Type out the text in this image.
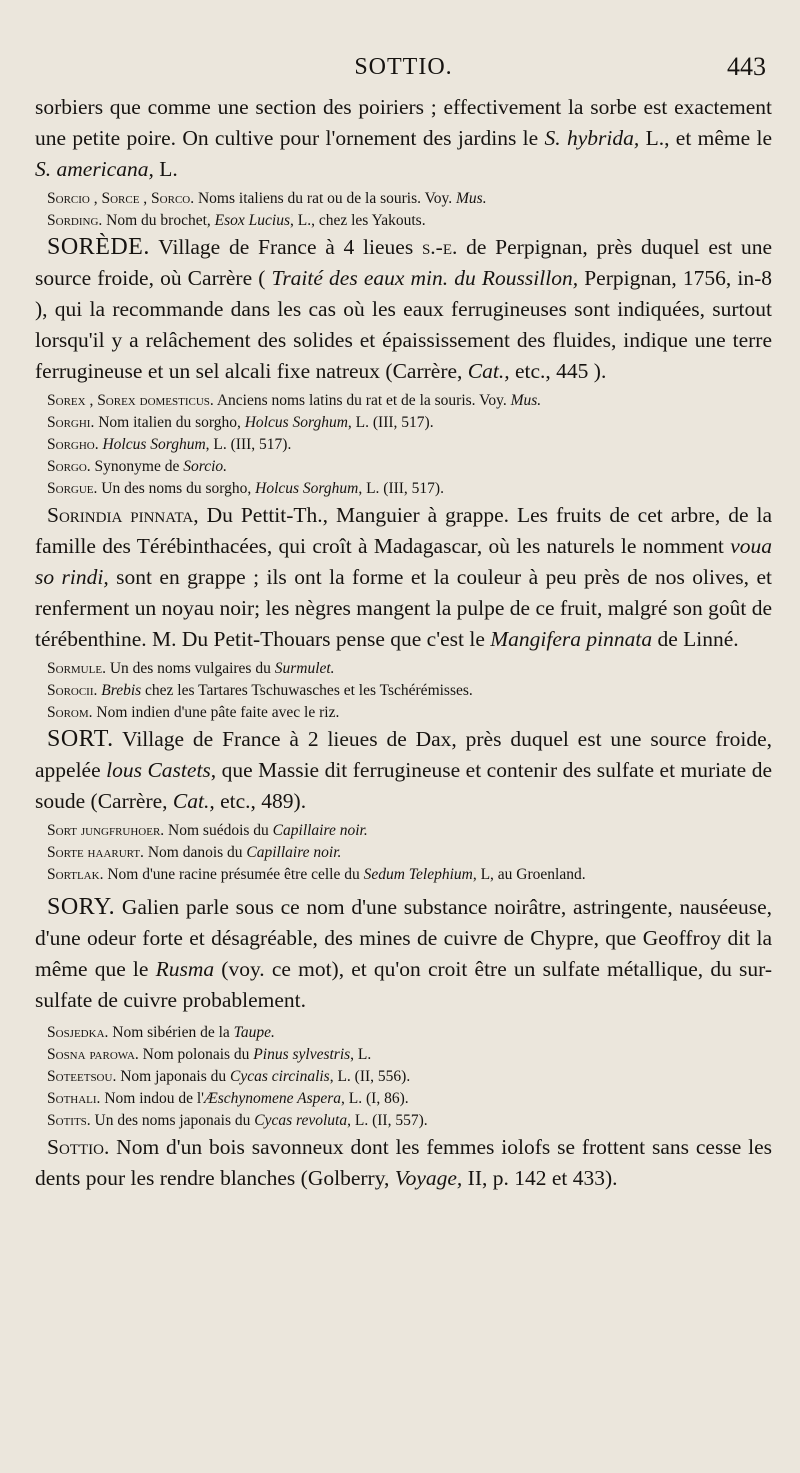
SOTTIO.	443

sorbiers que comme une section des poiriers ; effectivement la sorbe est exactement une petite poire. On cultive pour l'ornement des jardins le S. hybrida, L., et même le S. americana, L.

Sorcio , Sorce , Sorco. Noms italiens du rat ou de la souris. Voy. Mus.

Sording. Nom du brochet, Esox Lucius, L., chez les Yakouts.

SORÈDE. Village de France à 4 lieues s.-e. de Perpignan, près duquel est une source froide, où Carrère ( Traité des eaux min. du Roussillon, Perpignan, 1756, in-8 ), qui la recommande dans les cas où les eaux ferrugineuses sont indiquées, surtout lorsqu'il y a relâchement des solides et épaississement des fluides, indique une terre ferrugineuse et un sel alcali fixe natreux (Carrère, Cat., etc., 445 ).

Sorex , Sorex domesticus. Anciens noms latins du rat et de la souris. Voy. Mus.

Sorghi. Nom italien du sorgho, Holcus Sorghum, L. (III, 517).

Sorgho. Holcus Sorghum, L. (III, 517).

Sorgo. Synonyme de Sorcio.

Sorgue. Un des noms du sorgho, Holcus Sorghum, L. (III, 517).

Sorindia pinnata, Du Pettit-Th., Manguier à grappe. Les fruits de cet arbre, de la famille des Térébinthacées, qui croît à Madagascar, où les naturels le nomment voua so rindi, sont en grappe ; ils ont la forme et la couleur à peu près de nos olives, et renferment un noyau noir; les nègres mangent la pulpe de ce fruit, malgré son goût de térébenthine. M. Du Petit-Thouars pense que c'est le Mangifera pinnata de Linné.

Sormule. Un des noms vulgaires du Surmulet.

Sorocii. Brebis chez les Tartares Tschuwasches et les Tschérémisses.

Sorom. Nom indien d'une pâte faite avec le riz.

SORT. Village de France à 2 lieues de Dax, près duquel est une source froide, appelée lous Castets, que Massie dit ferrugineuse et contenir des sulfate et muriate de soude (Carrère, Cat., etc., 489).

Sort jungfruhoer. Nom suédois du Capillaire noir.

Sorte haarurt. Nom danois du Capillaire noir.

Sortlak. Nom d'une racine présumée être celle du Sedum Telephium, L, au Groenland.

SORY. Galien parle sous ce nom d'une substance noirâtre, astringente, nauséeuse, d'une odeur forte et désagréable, des mines de cuivre de Chypre, que Geoffroy dit la même que le Rusma (voy. ce mot), et qu'on croit être un sulfate métallique, du sur-sulfate de cuivre probablement.

Sosjedka. Nom sibérien de la Taupe.

Sosna parowa. Nom polonais du Pinus sylvestris, L.

Soteetsou. Nom japonais du Cycas circinalis, L. (II, 556).

Sothali. Nom indou de l'Æschynomene Aspera, L. (I, 86).

Sotits. Un des noms japonais du Cycas revoluta, L. (II, 557).

Sottio. Nom d'un bois savonneux dont les femmes iolofs se frottent sans cesse les dents pour les rendre blanches (Golberry, Voyage, II, p. 142 et 433).
